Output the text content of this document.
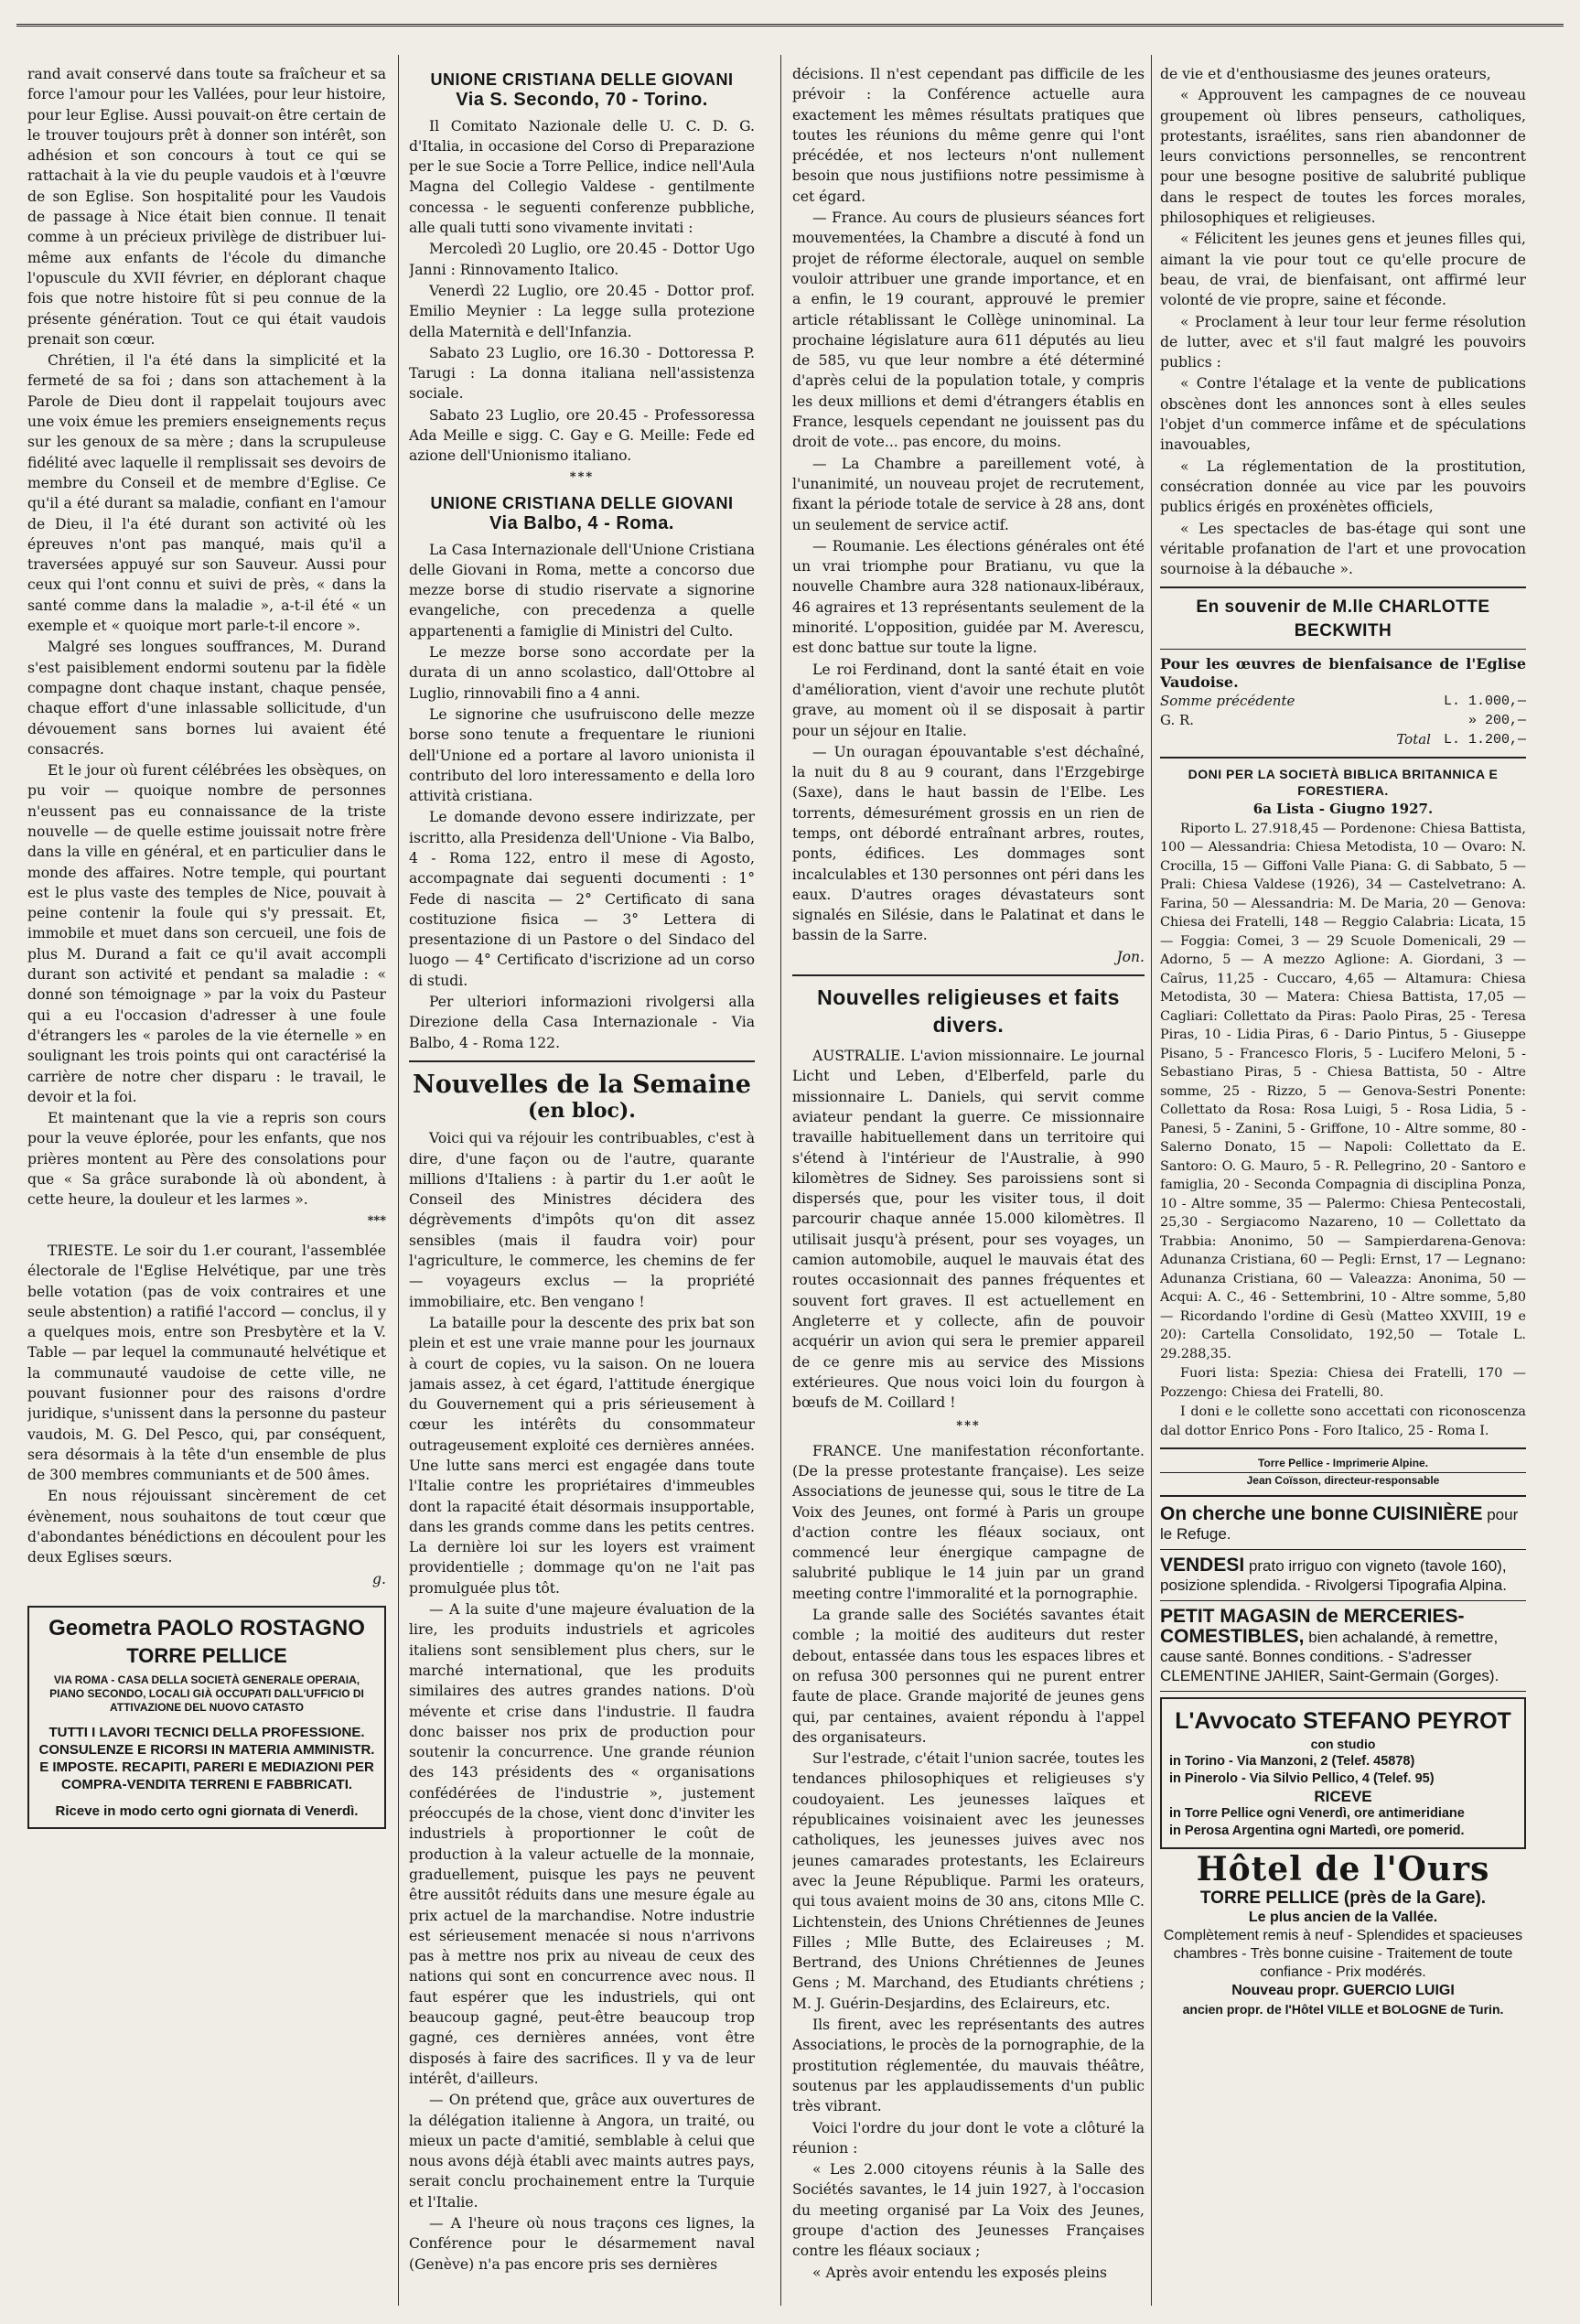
rand avait conservé dans toute sa fraîcheur et sa force l'amour pour les Vallées, pour leur histoire, pour leur Eglise. Aussi pouvait-on être certain de le trouver toujours prêt à donner son intérêt, son adhésion et son concours à tout ce qui se rattachait à la vie du peuple vaudois et à l'œuvre de son Eglise. Son hospitalité pour les Vaudois de passage à Nice était bien connue. Il tenait comme à un précieux privilège de distribuer lui-même aux enfants de l'école du dimanche l'opuscule du XVII février, en déplorant chaque fois que notre histoire fût si peu connue de la présente génération. Tout ce qui était vaudois prenait son cœur.

Chrétien, il l'a été dans la simplicité et la fermeté de sa foi ; dans son attachement à la Parole de Dieu dont il rappelait toujours avec une voix émue les premiers enseignements reçus sur les genoux de sa mère ; dans la scrupuleuse fidélité avec laquelle il remplissait ses devoirs de membre du Conseil et de membre d'Eglise. Ce qu'il a été durant sa maladie, confiant en l'amour de Dieu, il l'a été durant son activité où les épreuves n'ont pas manqué, mais qu'il a traversées appuyé sur son Sauveur. Aussi pour ceux qui l'ont connu et suivi de près, « dans la santé comme dans la maladie », a-t-il été « un exemple et « quoique mort parle-t-il encore ».

Malgré ses longues souffrances, M. Durand s'est paisiblement endormi soutenu par la fidèle compagne dont chaque instant, chaque pensée, chaque effort d'une inlassable sollicitude, d'un dévouement sans bornes lui avaient été consacrés.

Et le jour où furent célébrées les obsèques, on pu voir — quoique nombre de personnes n'eussent pas eu connaissance de la triste nouvelle — de quelle estime jouissait notre frère dans la ville en général, et en particulier dans le monde des affaires. Notre temple, qui pourtant est le plus vaste des temples de Nice, pouvait à peine contenir la foule qui s'y pressait. Et, immobile et muet dans son cercueil, une fois de plus M. Durand a fait ce qu'il avait accompli durant son activité et pendant sa maladie : « donné son témoignage » par la voix du Pasteur qui a eu l'occasion d'adresser à une foule d'étrangers les « paroles de la vie éternelle » en soulignant les trois points qui ont caractérisé la carrière de notre cher disparu : le travail, le devoir et la foi.

Et maintenant que la vie a repris son cours pour la veuve éplorée, pour les enfants, que nos prières montent au Père des consolations pour que « Sa grâce surabonde là où abondent, à cette heure, la douleur et les larmes ».

***

TRIESTE. Le soir du 1.er courant, l'assemblée électorale de l'Eglise Helvétique, par une très belle votation (pas de voix contraires et une seule abstention) a ratifié l'accord — conclus, il y a quelques mois, entre son Presbytère et la V. Table — par lequel la communauté helvétique et la communauté vaudoise de cette ville, ne pouvant fusionner pour des raisons d'ordre juridique, s'unissent dans la personne du pasteur vaudois, M. G. Del Pesco, qui, par conséquent, sera désormais à la tête d'un ensemble de plus de 300 membres communiants et de 500 âmes.

En nous réjouissant sincèrement de cet évènement, nous souhaitons de tout cœur que d'abondantes bénédictions en découlent pour les deux Eglises sœurs.

g.
Geometra PAOLO ROSTAGNO
TORRE PELLICE
VIA ROMA - CASA DELLA SOCIETÀ GENERALE OPERAIA, PIANO SECONDO, LOCALI GIÀ OCCUPATI DALL'UFFICIO DI ATTIVAZIONE DEL NUOVO CATASTO
TUTTI I LAVORI TECNICI DELLA PROFESSIONE. CONSULENZE E RICORSI IN MATERIA AMMINISTR. E IMPOSTE. RECAPITI, PARERI E MEDIAZIONI PER COMPRA-VENDITA TERRENI E FABBRICATI.
Riceve in modo certo ogni giornata di Venerdì.
UNIONE CRISTIANA DELLE GIOVANI
Via S. Secondo, 70 - Torino.

Il Comitato Nazionale delle U. C. D. G. d'Italia, in occasione del Corso di Preparazione per le sue Socie a Torre Pellice, indice nell'Aula Magna del Collegio Valdese - gentilmente concessa - le seguenti conferenze pubbliche, alle quali tutti sono vivamente invitati :

Mercoledì 20 Luglio, ore 20.45 - Dottor Ugo Janni : Rinnovamento Italico.

Venerdì 22 Luglio, ore 20.45 - Dottor prof. Emilio Meynier : La legge sulla protezione della Maternità e dell'Infanzia.

Sabato 23 Luglio, ore 16.30 - Dottoressa P. Tarugi : La donna italiana nell'assistenza sociale.

Sabato 23 Luglio, ore 20.45 - Professoressa Ada Meille e sigg. C. Gay e G. Meille: Fede ed azione dell'Unionismo italiano.

***
UNIONE CRISTIANA DELLE GIOVANI
Via Balbo, 4 - Roma.

La Casa Internazionale dell'Unione Cristiana delle Giovani in Roma, mette a concorso due mezze borse di studio riservate a signorine evangeliche, con precedenza a quelle appartenenti a famiglie di Ministri del Culto.

Le mezze borse sono accordate per la durata di un anno scolastico, dall'Ottobre al Luglio, rinnovabili fino a 4 anni.

Le signorine che usufruiscono delle mezze borse sono tenute a frequentare le riunioni dell'Unione ed a portare al lavoro unionista il contributo del loro interessamento e della loro attività cristiana.

Le domande devono essere indirizzate, per iscritto, alla Presidenza dell'Unione - Via Balbo, 4 - Roma 122, entro il mese di Agosto, accompagnate dai seguenti documenti : 1° Fede di nascita — 2° Certificato di sana costituzione fisica — 3° Lettera di presentazione di un Pastore o del Sindaco del luogo — 4° Certificato d'iscrizione ad un corso di studi.

Per ulteriori informazioni rivolgersi alla Direzione della Casa Internazionale - Via Balbo, 4 - Roma 122.

Nouvelles de la Semaine
(en bloc).

Voici qui va réjouir les contribuables, c'est à dire, d'une façon ou de l'autre, quarante millions d'Italiens : à partir du 1.er août le Conseil des Ministres décidera des dégrèvements d'impôts qu'on dit assez sensibles (mais il faudra voir) pour l'agriculture, le commerce, les chemins de fer — voyageurs exclus — la propriété immobiliaire, etc. Ben vengano !

La bataille pour la descente des prix bat son plein et est une vraie manne pour les journaux à court de copies, vu la saison. On ne louera jamais assez, à cet égard, l'attitude énergique du Gouvernement qui a pris sérieusement à cœur les intérêts du consommateur outrageusement exploité ces dernières années. Une lutte sans merci est engagée dans toute l'Italie contre les propriétaires d'immeubles dont la rapacité était désormais insupportable, dans les grands comme dans les petits centres. La dernière loi sur les loyers est vraiment providentielle ; dommage qu'on ne l'ait pas promulguée plus tôt.

— A la suite d'une majeure évaluation de la lire, les produits industriels et agricoles italiens sont sensiblement plus chers, sur le marché international, que les produits similaires des autres grandes nations. D'où mévente et crise dans l'industrie. Il faudra donc baisser nos prix de production pour soutenir la concurrence. Une grande réunion des 143 présidents des « organisations confédérées de l'industrie », justement préoccupés de la chose, vient donc d'inviter les industriels à proportionner le coût de production à la valeur actuelle de la monnaie, graduellement, puisque les pays ne peuvent être aussitôt réduits dans une mesure égale au prix actuel de la marchandise. Notre industrie est sérieusement menacée si nous n'arrivons pas à mettre nos prix au niveau de ceux des nations qui sont en concurrence avec nous. Il faut espérer que les industriels, qui ont beaucoup gagné, peut-être beaucoup trop gagné, ces dernières années, vont être disposés à faire des sacrifices. Il y va de leur intérêt, d'ailleurs.

— On prétend que, grâce aux ouvertures de la délégation italienne à Angora, un traité, ou mieux un pacte d'amitié, semblable à celui que nous avons déjà établi avec maints autres pays, serait conclu prochainement entre la Turquie et l'Italie.

— A l'heure où nous traçons ces lignes, la Conférence pour le désarmement naval (Genève) n'a pas encore pris ses dernières

décisions. Il n'est cependant pas difficile de les prévoir : la Conférence actuelle aura exactement les mêmes résultats pratiques que toutes les réunions du même genre qui l'ont précédée, et nos lecteurs n'ont nullement besoin que nous justifiions notre pessimisme à cet égard.

— France. Au cours de plusieurs séances fort mouvementées, la Chambre a discuté à fond un projet de réforme électorale, auquel on semble vouloir attribuer une grande importance, et en a enfin, le 19 courant, approuvé le premier article rétablissant le Collège uninominal. La prochaine législature aura 611 députés au lieu de 585, vu que leur nombre a été déterminé d'après celui de la population totale, y compris les deux millions et demi d'étrangers établis en France, lesquels cependant ne jouissent pas du droit de vote... pas encore, du moins.

— La Chambre a pareillement voté, à l'unanimité, un nouveau projet de recrutement, fixant la période totale de service à 28 ans, dont un seulement de service actif.

— Roumanie. Les élections générales ont été un vrai triomphe pour Bratianu, vu que la nouvelle Chambre aura 328 nationaux-libéraux, 46 agraires et 13 représentants seulement de la minorité. L'opposition, guidée par M. Averescu, est donc battue sur toute la ligne.

Le roi Ferdinand, dont la santé était en voie d'amélioration, vient d'avoir une rechute plutôt grave, au moment où il se disposait à partir pour un séjour en Italie.

— Un ouragan épouvantable s'est déchaîné, la nuit du 8 au 9 courant, dans l'Erzgebirge (Saxe), dans le haut bassin de l'Elbe. Les torrents, démesurément grossis en un rien de temps, ont débordé entraînant arbres, routes, ponts, édifices. Les dommages sont incalculables et 130 personnes ont péri dans les eaux. D'autres orages dévastateurs sont signalés en Silésie, dans le Palatinat et dans le bassin de la Sarre.

Jon.
Nouvelles religieuses et faits divers.

AUSTRALIE. L'avion missionnaire. Le journal Licht und Leben, d'Elberfeld, parle du missionnaire L. Daniels, qui servit comme aviateur pendant la guerre. Ce missionnaire travaille habituellement dans un territoire qui s'étend à l'intérieur de l'Australie, à 990 kilomètres de Sidney. Ses paroissiens sont si dispersés que, pour les visiter tous, il doit parcourir chaque année 15.000 kilomètres. Il utilisait jusqu'à présent, pour ses voyages, un camion automobile, auquel le mauvais état des routes occasionnait des pannes fréquentes et souvent fort graves. Il est actuellement en Angleterre et y collecte, afin de pouvoir acquérir un avion qui sera le premier appareil de ce genre mis au service des Missions extérieures. Que nous voici loin du fourgon à bœufs de M. Coillard !

***

FRANCE. Une manifestation réconfortante. (De la presse protestante française). Les seize Associations de jeunesse qui, sous le titre de La Voix des Jeunes, ont formé à Paris un groupe d'action contre les fléaux sociaux, ont commencé leur énergique campagne de salubrité publique le 14 juin par un grand meeting contre l'immoralité et la pornographie.

La grande salle des Sociétés savantes était comble ; la moitié des auditeurs dut rester debout, entassée dans tous les espaces libres et on refusa 300 personnes qui ne purent entrer faute de place. Grande majorité de jeunes gens qui, par centaines, avaient répondu à l'appel des organisateurs.

Sur l'estrade, c'était l'union sacrée, toutes les tendances philosophiques et religieuses s'y coudoyaient. Les jeunesses laïques et républicaines voisinaient avec les jeunesses catholiques, les jeunesses juives avec nos jeunes camarades protestants, les Eclaireurs avec la Jeune République. Parmi les orateurs, qui tous avaient moins de 30 ans, citons Mlle C. Lichtenstein, des Unions Chrétiennes de Jeunes Filles ; Mlle Butte, des Eclaireuses ; M. Bertrand, des Unions Chrétiennes de Jeunes Gens ; M. Marchand, des Etudiants chrétiens ; M. J. Guérin-Desjardins, des Eclaireurs, etc.

Ils firent, avec les représentants des autres Associations, le procès de la pornographie, de la prostitution réglementée, du mauvais théâtre, soutenus par les applaudissements d'un public très vibrant.

Voici l'ordre du jour dont le vote a clôturé la réunion :

« Les 2.000 citoyens réunis à la Salle des Sociétés savantes, le 14 juin 1927, à l'occasion du meeting organisé par La Voix des Jeunes, groupe d'action des Jeunesses Françaises contre les fléaux sociaux ;

« Après avoir entendu les exposés pleins

de vie et d'enthousiasme des jeunes orateurs,

« Approuvent les campagnes de ce nouveau groupement où libres penseurs, catholiques, protestants, israélites, sans rien abandonner de leurs convictions personnelles, se rencontrent pour une besogne positive de salubrité publique dans le respect de toutes les forces morales, philosophiques et religieuses.

« Félicitent les jeunes gens et jeunes filles qui, aimant la vie pour tout ce qu'elle procure de beau, de vrai, de bienfaisant, ont affirmé leur volonté de vie propre, saine et féconde.

« Proclament à leur tour leur ferme résolution de lutter, avec et s'il faut malgré les pouvoirs publics :

« Contre l'étalage et la vente de publications obscènes dont les annonces sont à elles seules l'objet d'un commerce infâme et de spéculations inavouables,

« La réglementation de la prostitution, consécration donnée au vice par les pouvoirs publics érigés en proxénètes officiels,

« Les spectacles de bas-étage qui sont une véritable profanation de l'art et une provocation sournoise à la débauche ».

En souvenir de M.lle CHARLOTTE BECKWITH
Pour les œuvres de bienfaisance de l'Eglise Vaudoise.
Somme précédente	L. 1.000,—
G. R.	» 200,—
Total L. 1.200,—
DONI PER LA SOCIETÀ BIBLICA BRITANNICA E FORESTIERA.
6a Lista - Giugno 1927.

Riporto L. 27.918,45 — Pordenone: Chiesa Battista, 100 — Alessandria: Chiesa Metodista, 10 — Ovaro: N. Crocilla, 15 — Giffoni Valle Piana: G. di Sabbato, 5 — Prali: Chiesa Valdese (1926), 34 — Castelvetrano: A. Farina, 50 — Alessandria: M. De Maria, 20 — Genova: Chiesa dei Fratelli, 148 — Reggio Calabria: Licata, 15 — Foggia: Comei, 3 — 29 Scuole Domenicali, 29 — Adorno, 5 — A mezzo Aglione: A. Giordani, 3 — Caîrus, 11,25 - Cuccaro, 4,65 — Altamura: Chiesa Metodista, 30 — Matera: Chiesa Battista, 17,05 — Cagliari: Collettato da Piras: Paolo Piras, 25 - Teresa Piras, 10 - Lidia Piras, 6 - Dario Pintus, 5 - Giuseppe Pisano, 5 - Francesco Floris, 5 - Lucifero Meloni, 5 - Sebastiano Piras, 5 - Chiesa Battista, 50 - Altre somme, 25 - Rizzo, 5 — Genova-Sestri Ponente: Collettato da Rosa: Rosa Luigi, 5 - Rosa Lidia, 5 - Panesi, 5 - Zanini, 5 - Griffone, 10 - Altre somme, 80 - Salerno Donato, 15 — Napoli: Collettato da E. Santoro: O. G. Mauro, 5 - R. Pellegrino, 20 - Santoro e famiglia, 20 - Seconda Compagnia di disciplina Ponza, 10 - Altre somme, 35 — Palermo: Chiesa Pentecostali, 25,30 - Sergiacomo Nazareno, 10 — Collettato da Trabbia: Anonimo, 50 — Sampierdarena-Genova: Adunanza Cristiana, 60 — Pegli: Ernst, 17 — Legnano: Adunanza Cristiana, 60 — Valeazza: Anonima, 50 — Acqui: A. C., 46 - Settembrini, 10 - Altre somme, 5,80 — Ricordando l'ordine di Gesù (Matteo XXVIII, 19 e 20): Cartella Consolidato, 192,50 — Totale L. 29.288,35.

Fuori lista: Spezia: Chiesa dei Fratelli, 170 — Pozzengo: Chiesa dei Fratelli, 80.

I doni e le collette sono accettati con riconoscenza dal dottor Enrico Pons - Foro Italico, 25 - Roma I.

Torre Pellice - Imprimerie Alpine.
Jean Coïsson, directeur-responsable
On cherche une bonne CUISINIÈRE pour le Refuge.
VENDESI prato irriguo con vigneto (tavole 160), posizione splendida. - Rivolgersi Tipografia Alpina.
PETIT MAGASIN de MERCERIES-COMESTIBLES, bien achalandé, à remettre, cause santé. Bonnes conditions. - S'adresser CLEMENTINE JAHIER, Saint-Germain (Gorges).
L'Avvocato STEFANO PEYROT
con studio
in Torino - Via Manzoni, 2 (Telef. 45878)
in Pinerolo - Via Silvio Pellico, 4 (Telef. 95)
RICEVE
in Torre Pellice ogni Venerdì, ore antimeridiane
in Perosa Argentina ogni Martedì, ore pomerid.
Hôtel de l'Ours
TORRE PELLICE (près de la Gare).
Le plus ancien de la Vallée.
Complètement remis à neuf - Splendides et spacieuses chambres - Très bonne cuisine - Traitement de toute confiance - Prix modérés.
Nouveau propr. GUERCIO LUIGI
ancien propr. de l'Hôtel VILLE et BOLOGNE de Turin.
